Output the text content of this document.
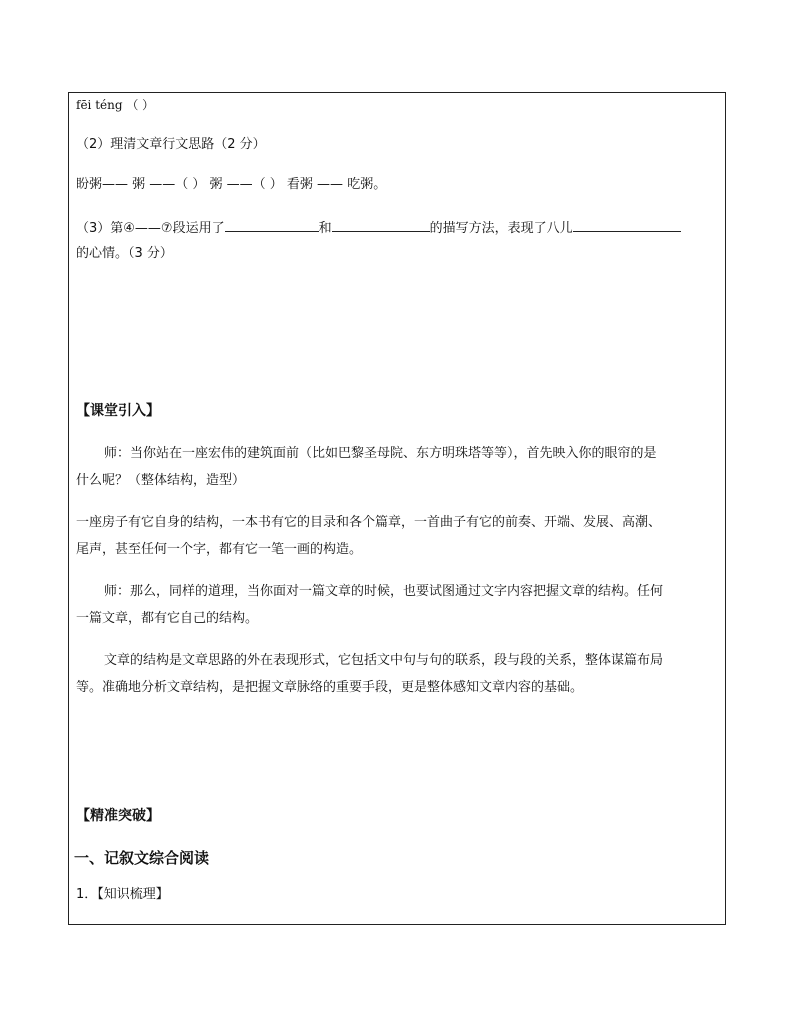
fēi téng （ ）
（2）理清文章行文思路（2 分）
盼粥—— 粥 ——（ ） 粥 ——（ ） 看粥 —— 吃粥。
（3）第④——⑦段运用了	和	的描写方法，表现了八儿
的心情。（3 分）
【课堂引入】
师：当你站在一座宏伟的建筑面前（比如巴黎圣母院、东方明珠塔等等），首先映入你的眼帘的是
什么呢？（整体结构，造型）
一座房子有它自身的结构，一本书有它的目录和各个篇章，一首曲子有它的前奏、开端、发展、高潮、
尾声，甚至任何一个字，都有它一笔一画的构造。
师：那么，同样的道理，当你面对一篇文章的时候，也要试图通过文字内容把握文章的结构。任何
一篇文章，都有它自己的结构。
文章的结构是文章思路的外在表现形式，它包括文中句与句的联系，段与段的关系，整体谋篇布局
等。准确地分析文章结构，是把握文章脉络的重要手段，更是整体感知文章内容的基础。
【精准突破】
一、记叙文综合阅读
1．【知识梳理】
